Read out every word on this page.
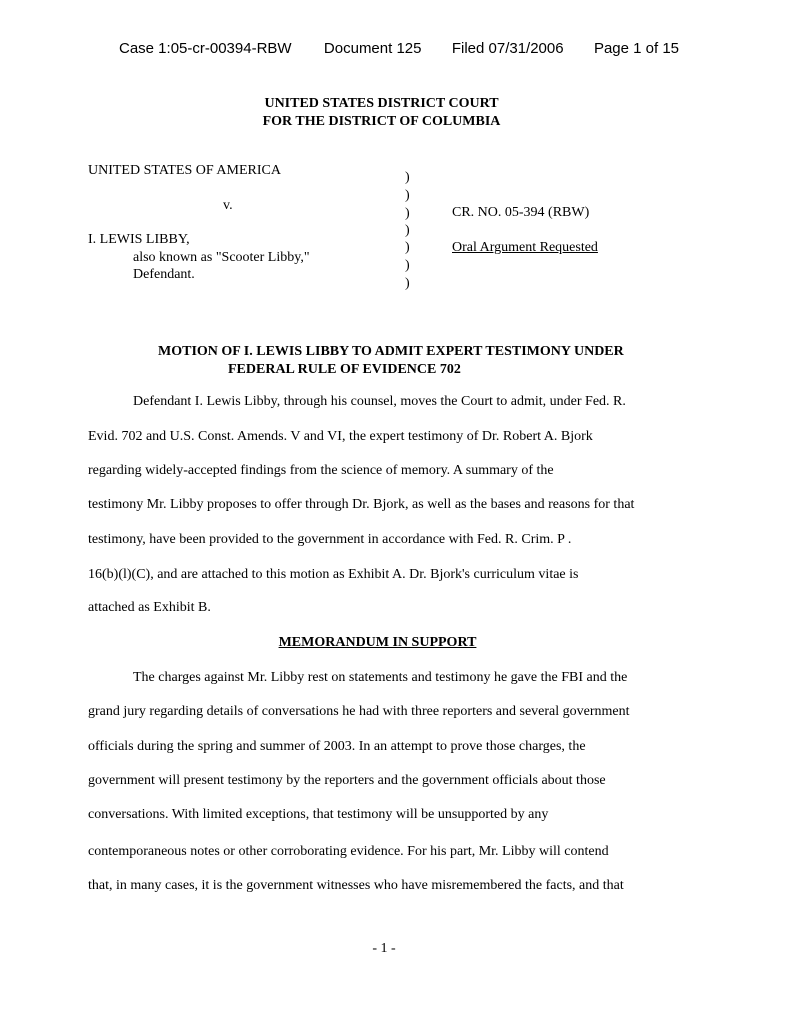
Case 1:05-cr-00394-RBW Document 125 Filed 07/31/2006 Page 1 of 15
UNITED STATES DISTRICT COURT
FOR THE DISTRICT OF COLUMBIA
UNITED STATES OF AMERICA
v.
I. LEWIS LIBBY,
also known as "Scooter Libby,"
Defendant.
)
)
)
)
)
)
)
CR. NO. 05-394 (RBW)
Oral Argument Requested
MOTION OF I. LEWIS LIBBY TO ADMIT EXPERT TESTIMONY UNDER
FEDERAL RULE OF EVIDENCE 702
Defendant I. Lewis Libby, through his counsel, moves the Court to admit, under Fed. R.
Evid. 702 and U.S. Const. Amends. V and VI, the expert testimony of Dr. Robert A. Bjork
regarding widely-accepted findings from the science of memory. A summary of the
testimony Mr. Libby proposes to offer through Dr. Bjork, as well as the bases and reasons for that
testimony, have been provided to the government in accordance with Fed. R. Crim. P .
16(b)(l)(C), and are attached to this motion as Exhibit A. Dr. Bjork's curriculum vitae is
attached as Exhibit B.
MEMORANDUM IN SUPPORT
The charges against Mr. Libby rest on statements and testimony he gave the FBI and the
grand jury regarding details of conversations he had with three reporters and several government
officials during the spring and summer of 2003. In an attempt to prove those charges, the
government will present testimony by the reporters and the government officials about those
conversations. With limited exceptions, that testimony will be unsupported by any
contemporaneous notes or other corroborating evidence. For his part, Mr. Libby will contend
that, in many cases, it is the government witnesses who have misremembered the facts, and that
- 1 -
